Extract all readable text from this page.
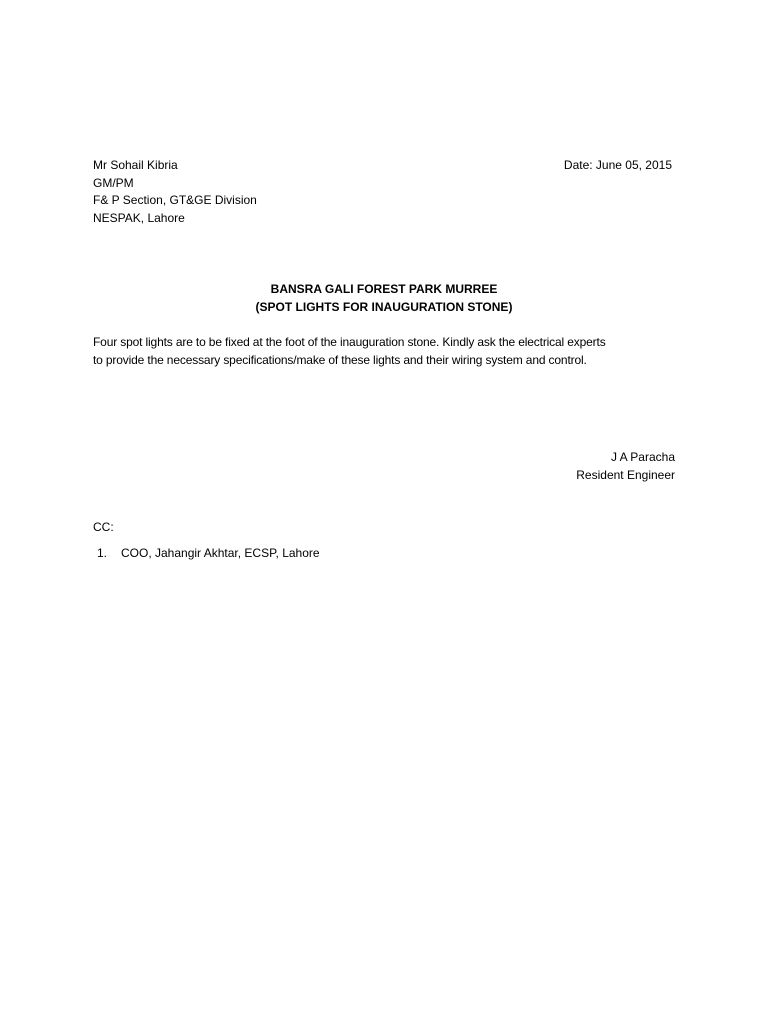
Mr Sohail Kibria
GM/PM
F& P Section, GT&GE Division
NESPAK, Lahore
Date: June 05, 2015
BANSRA GALI FOREST PARK MURREE
(SPOT LIGHTS FOR INAUGURATION STONE)
Four spot lights are to be fixed at the foot of the inauguration stone. Kindly ask the electrical experts
to provide the necessary specifications/make of these lights and their wiring system and control.
J A Paracha
Resident Engineer
CC:
1. COO, Jahangir Akhtar, ECSP, Lahore
